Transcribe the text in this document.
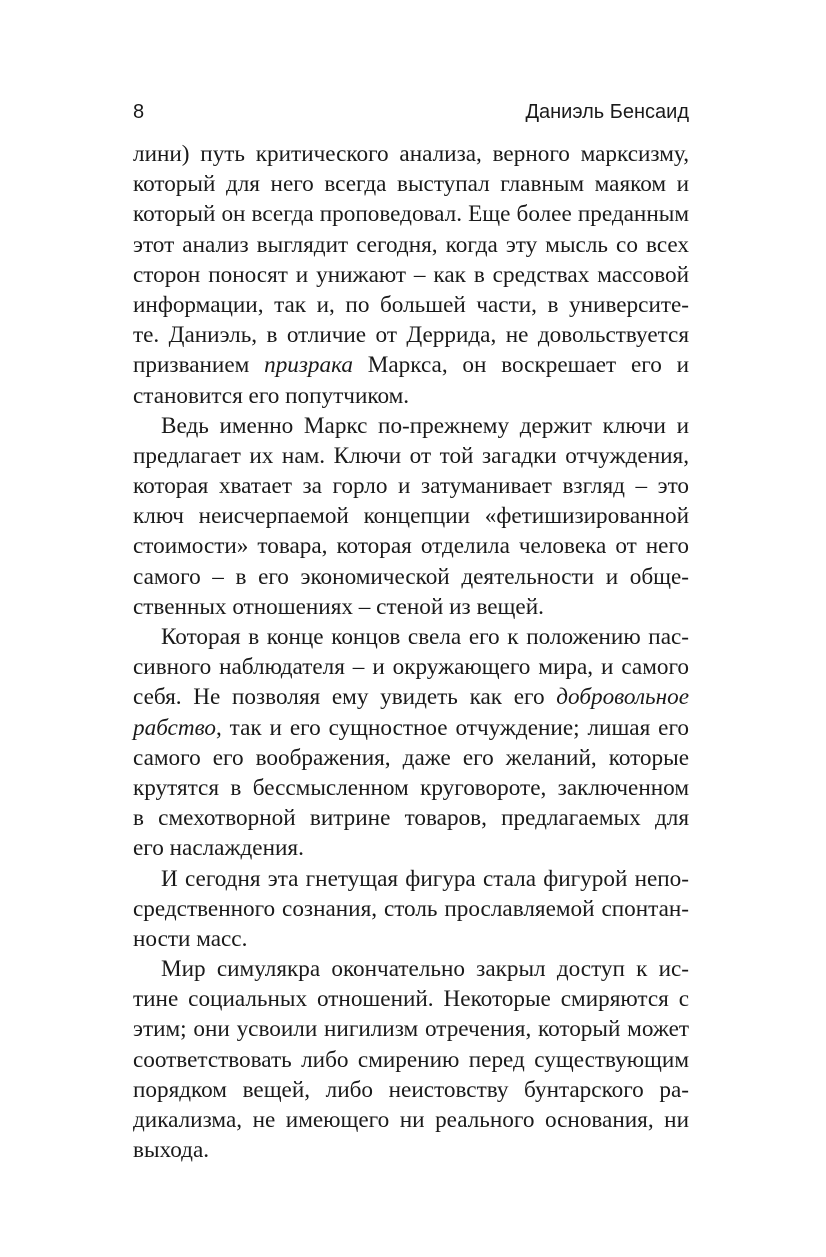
8	Даниэль Бенсаид
лини) путь критического анализа, верного марксизму,
который для него всегда выступал главным маяком и
который он всегда проповедовал. Еще более преданным
этот анализ выглядит сегодня, когда эту мысль со всех
сторон поносят и унижают – как в средствах массовой
информации, так и, по большей части, в университе-
те. Даниэль, в отличие от Деррида, не довольствуется
призванием призрака Маркса, он воскрешает его и
становится его попутчиком.
Ведь именно Маркс по-прежнему держит ключи и
предлагает их нам. Ключи от той загадки отчуждения,
которая хватает за горло и затуманивает взгляд – это
ключ неисчерпаемой концепции «фетишизированной
стоимости» товара, которая отделила человека от него
самого – в его экономической деятельности и обще-
ственных отношениях – стеной из вещей.
Которая в конце концов свела его к положению пас-
сивного наблюдателя – и окружающего мира, и самого
себя. Не позволяя ему увидеть как его добровольное
рабство, так и его сущностное отчуждение; лишая его
самого его воображения, даже его желаний, которые
крутятся в бессмысленном круговороте, заключенном
в смехотворной витрине товаров, предлагаемых для
его наслаждения.
И сегодня эта гнетущая фигура стала фигурой непо-
средственного сознания, столь прославляемой спонтан-
ности масс.
Мир симулякра окончательно закрыл доступ к ис-
тине социальных отношений. Некоторые смиряются с
этим; они усвоили нигилизм отречения, который может
соответствовать либо смирению перед существующим
порядком вещей, либо неистовству бунтарского ра-
дикализма, не имеющего ни реального основания, ни
выхода.
